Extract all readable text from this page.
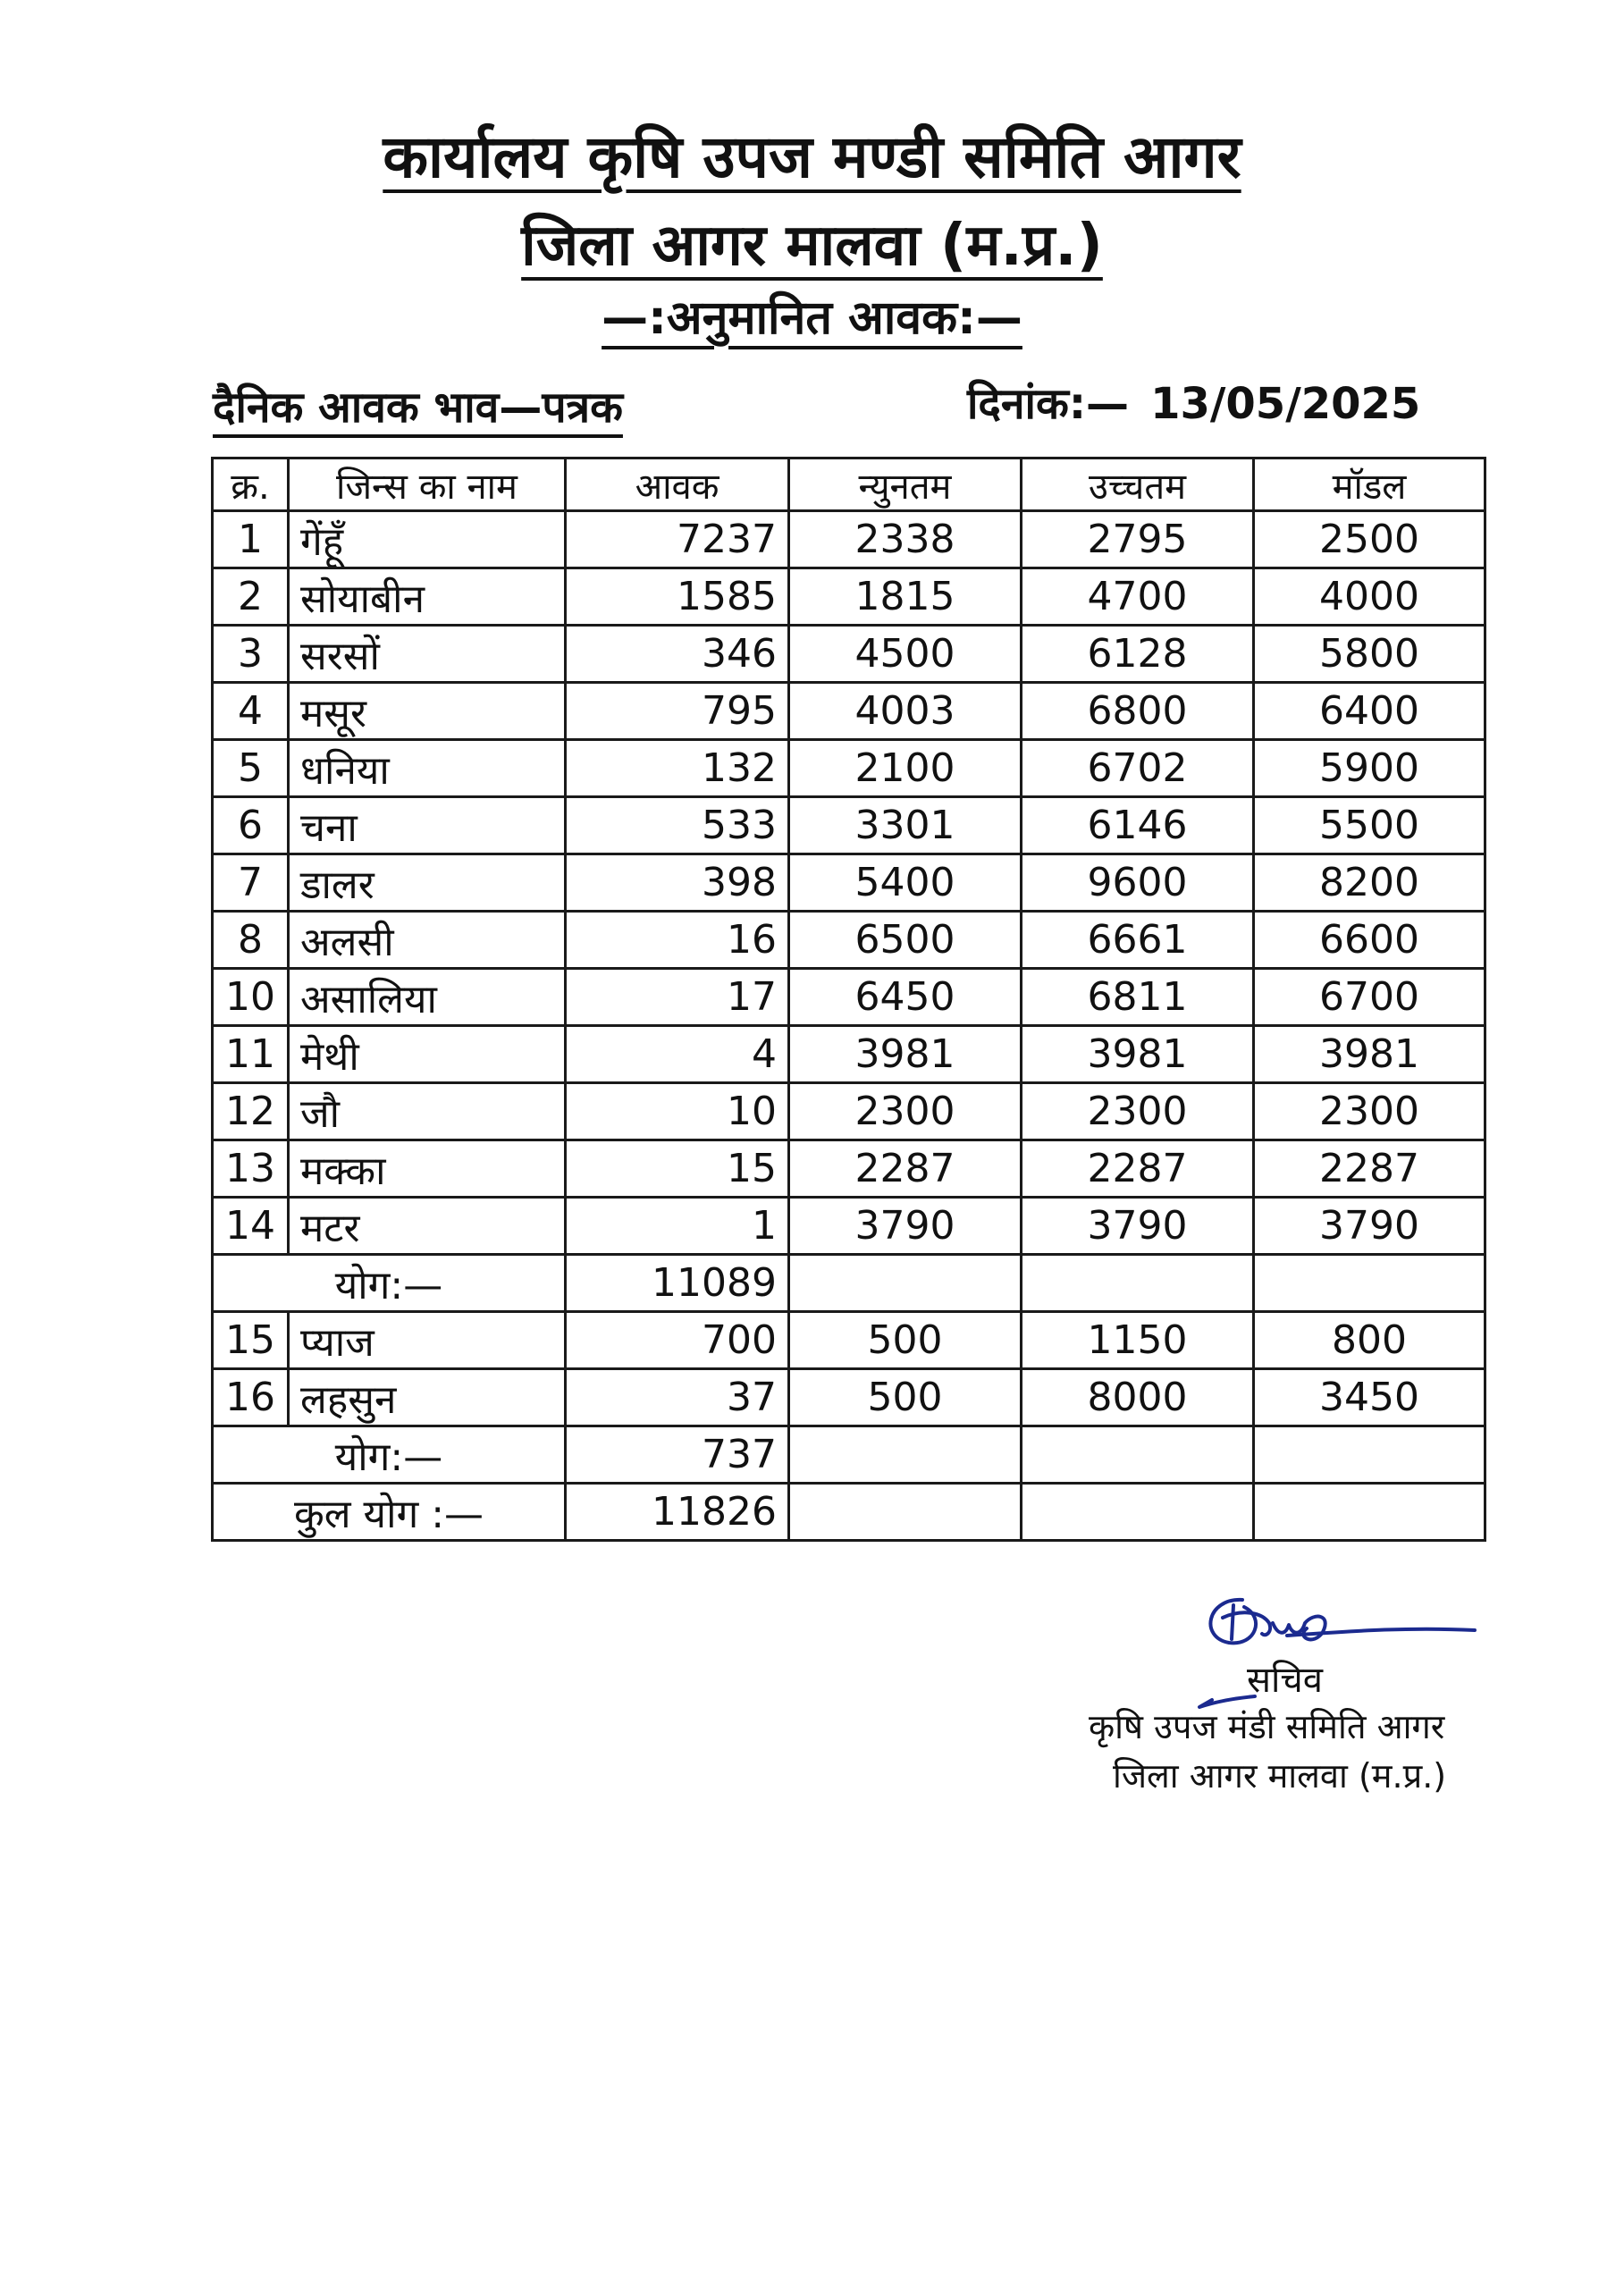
कार्यालय कृषि उपज मण्डी समिति आगर
जिला आगर मालवा (म.प्र.)
—:अनुमानित आवक:—
दैनिक आवक भाव—पत्रक	दिनांक:— 13/05/2025
क्र.	जिन्स का नाम	आवक	न्युनतम	उच्चतम	मॉडल
1	गेंहूँ	7237	2338	2795	2500
2	सोयाबीन	1585	1815	4700	4000
3	सरसों	346	4500	6128	5800
4	मसूर	795	4003	6800	6400
5	धनिया	132	2100	6702	5900
6	चना	533	3301	6146	5500
7	डालर	398	5400	9600	8200
8	अलसी	16	6500	6661	6600
10	असालिया	17	6450	6811	6700
11	मेथी	4	3981	3981	3981
12	जौ	10	2300	2300	2300
13	मक्का	15	2287	2287	2287
14	मटर	1	3790	3790	3790
योग:—		11089			
15	प्याज	700	500	1150	800
16	लहसुन	37	500	8000	3450
योग:—		737			
कुल योग :—		11826			
सचिव
कृषि उपज मंडी समिति आगर
जिला आगर मालवा (म.प्र.)
